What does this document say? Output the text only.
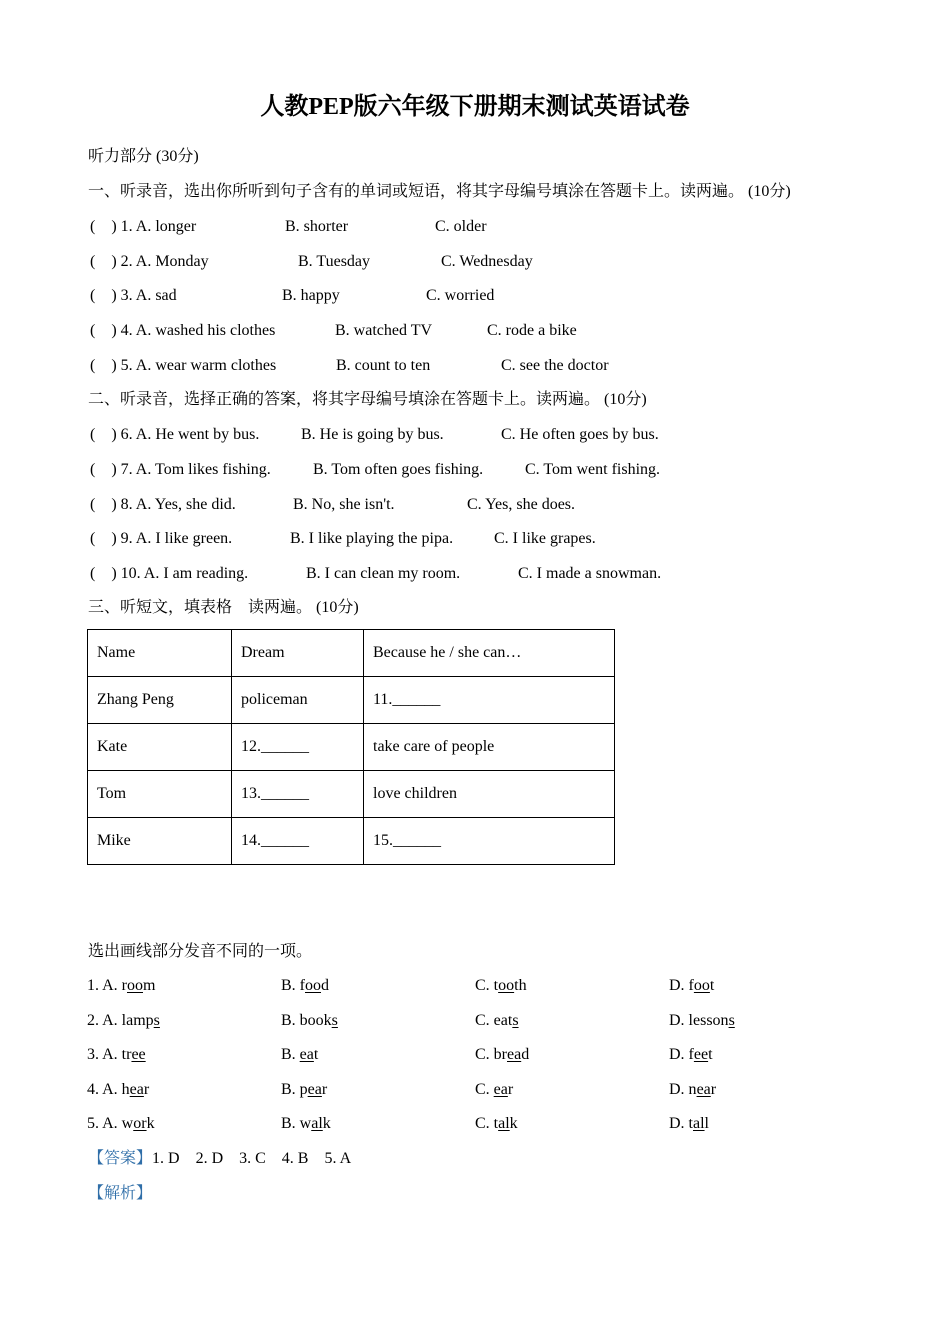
人教PEP版六年级下册期末测试英语试卷
听力部分 (30分)
一、听录音，选出你所听到句子含有的单词或短语，将其字母编号填涂在答题卡上。读两遍。 (10分)

(    ) 1. A. longer

	B. shorter

	C. older

(    ) 2. A. Monday

	B. Tuesday

	C. Wednesday

(    ) 3. A. sad

	B. happy

	C. worried

(    ) 4. A. washed his clothes

	B. watched TV

	C. rode a bike

(    ) 5. A. wear warm clothes

	B. count to ten

	C. see the doctor

二、听录音，选择正确的答案，将其字母编号填涂在答题卡上。读两遍。 (10分)

(    ) 6. A. He went by bus.

	B. He is going by bus.

	C. He often goes by bus.

(    ) 7. A. Tom likes fishing.

	B. Tom often goes fishing.

	C. Tom went fishing.

(    ) 8. A. Yes, she did.

	B. No, she isn't.

	C. Yes, she does.

(    ) 9. A. I like green.

	B. I like playing the pipa.

	C. I like grapes.

(    ) 10. A. I am reading.

	B. I can clean my room.

	C. I made a snowman.

三、听短文，填表格　读两遍。 (10分)
Name	Dream	Because he / she can…
Zhang Peng	policeman	11.______
Kate	12.______	take care of people
Tom	13.______	love children
Mike	14.______	15.______
选出画线部分发音不同的一项。

1. A. room

	B. food

	C. tooth

	D. foot

2. A. lamps

	B. books

	C. eats

	D. lessons

3. A. tree

	B. eat

	C. bread

	D. feet

4. A. hear

	B. pear

	C. ear

	D. near

5. A. work

	B. walk

	C. talk

	D. tall

【答案】1. D　2. D　3. C　4. B　5. A
【解析】
